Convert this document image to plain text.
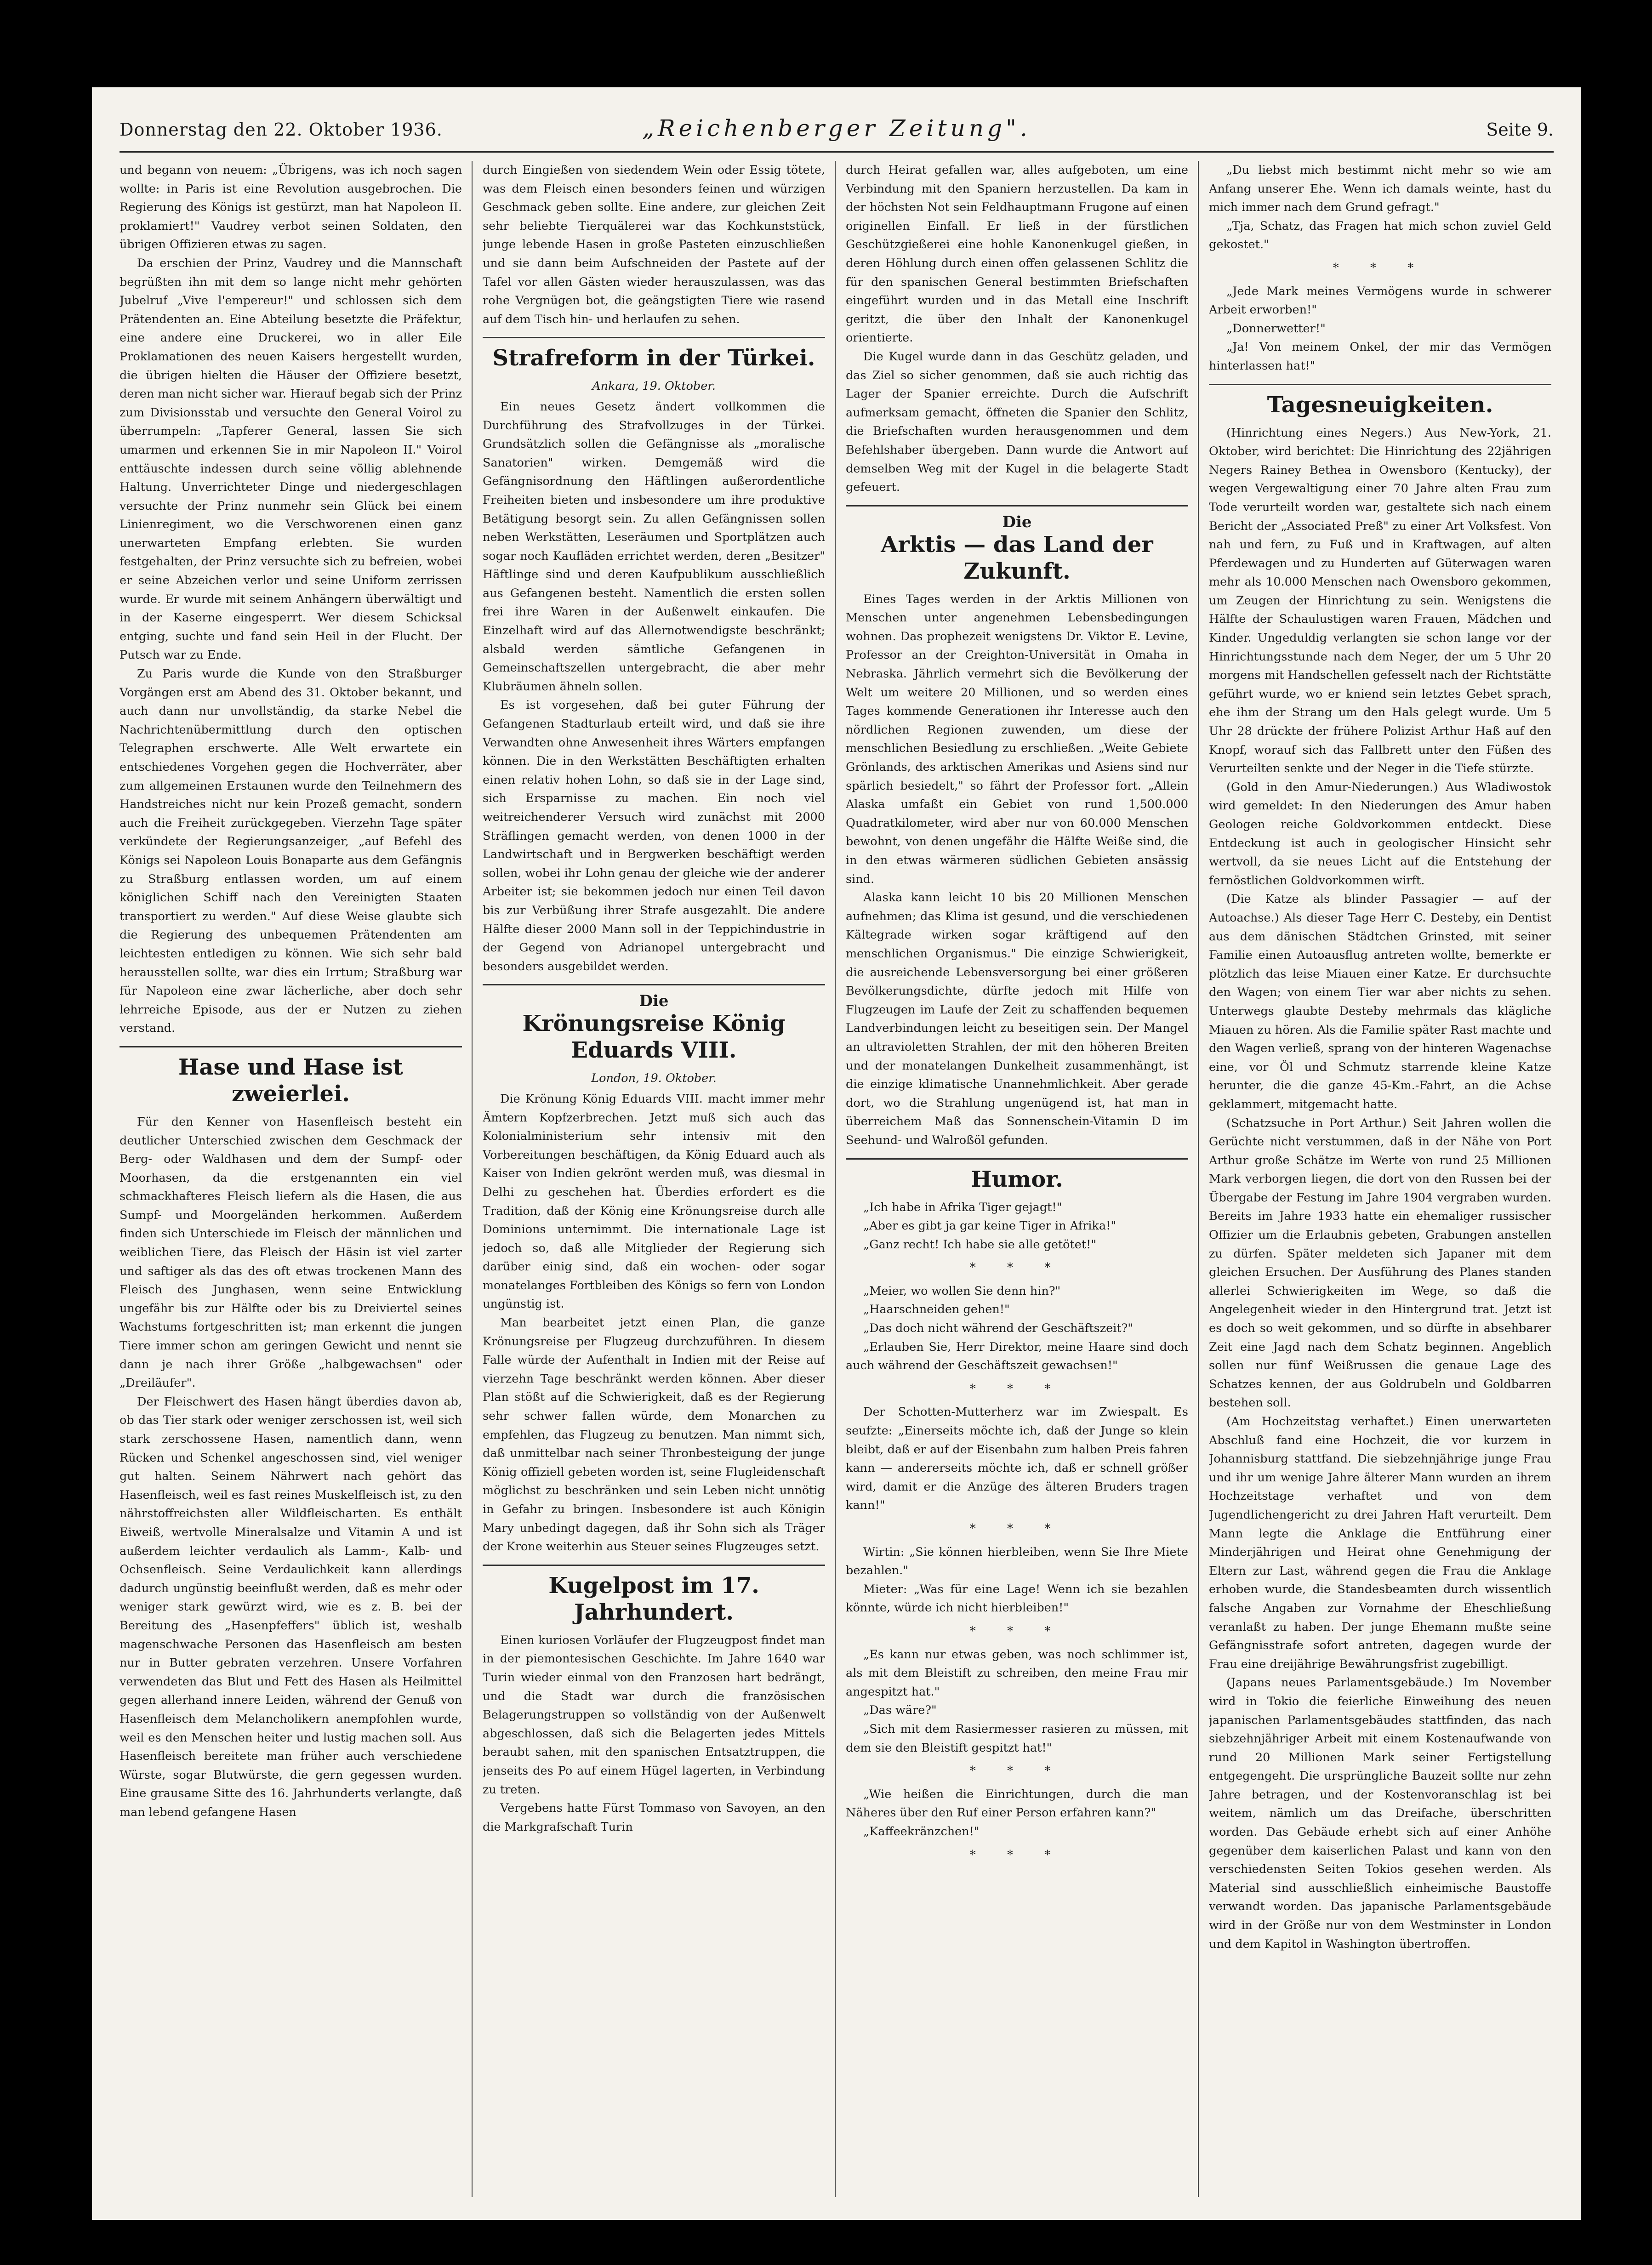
Donnerstag den 22. Oktober 1936.	„Reichenberger Zeitung".	Seite 9.

und begann von neuem: „Übrigens, was ich noch sagen wollte: in Paris ist eine Revolution ausgebrochen. Die Regierung des Königs ist gestürzt, man hat Napoleon II. proklamiert!" Vaudrey verbot seinen Soldaten, den übrigen Offizieren etwas zu sagen.

Da erschien der Prinz, Vaudrey und die Mannschaft begrüßten ihn mit dem so lange nicht mehr gehörten Jubelruf „Vive l'empereur!" und schlossen sich dem Prätendenten an. Eine Abteilung besetzte die Präfektur, eine andere eine Druckerei, wo in aller Eile Proklamationen des neuen Kaisers hergestellt wurden, die übrigen hielten die Häuser der Offiziere besetzt, deren man nicht sicher war. Hierauf begab sich der Prinz zum Divisionsstab und versuchte den General Voirol zu überrumpeln: „Tapferer General, lassen Sie sich umarmen und erkennen Sie in mir Napoleon II." Voirol enttäuschte indessen durch seine völlig ablehnende Haltung. Unverrichteter Dinge und niedergeschlagen versuchte der Prinz nunmehr sein Glück bei einem Linienregiment, wo die Verschworenen einen ganz unerwarteten Empfang erlebten. Sie wurden festgehalten, der Prinz versuchte sich zu befreien, wobei er seine Abzeichen verlor und seine Uniform zerrissen wurde. Er wurde mit seinem Anhängern überwältigt und in der Kaserne eingesperrt. Wer diesem Schicksal entging, suchte und fand sein Heil in der Flucht. Der Putsch war zu Ende.

Zu Paris wurde die Kunde von den Straßburger Vorgängen erst am Abend des 31. Oktober bekannt, und auch dann nur unvollständig, da starke Nebel die Nachrichtenübermittlung durch den optischen Telegraphen erschwerte. Alle Welt erwartete ein entschiedenes Vorgehen gegen die Hochverräter, aber zum allgemeinen Erstaunen wurde den Teilnehmern des Handstreiches nicht nur kein Prozeß gemacht, sondern auch die Freiheit zurückgegeben. Vierzehn Tage später verkündete der Regierungsanzeiger, „auf Befehl des Königs sei Napoleon Louis Bonaparte aus dem Gefängnis zu Straßburg entlassen worden, um auf einem königlichen Schiff nach den Vereinigten Staaten transportiert zu werden." Auf diese Weise glaubte sich die Regierung des unbequemen Prätendenten am leichtesten entledigen zu können. Wie sich sehr bald herausstellen sollte, war dies ein Irrtum; Straßburg war für Napoleon eine zwar lächerliche, aber doch sehr lehrreiche Episode, aus der er Nutzen zu ziehen verstand.

Hase und Hase ist zweierlei.

Für den Kenner von Hasenfleisch besteht ein deutlicher Unterschied zwischen dem Geschmack der Berg- oder Waldhasen und dem der Sumpf- oder Moorhasen, da die erstgenannten ein viel schmackhafteres Fleisch liefern als die Hasen, die aus Sumpf- und Moorgeländen herkommen. Außerdem finden sich Unterschiede im Fleisch der männlichen und weiblichen Tiere, das Fleisch der Häsin ist viel zarter und saftiger als das des oft etwas trockenen Mann des Fleisch des Junghasen, wenn seine Entwicklung ungefähr bis zur Hälfte oder bis zu Dreiviertel seines Wachstums fortgeschritten ist; man erkennt die jungen Tiere immer schon am geringen Gewicht und nennt sie dann je nach ihrer Größe „halbgewachsen" oder „Dreiläufer".

Der Fleischwert des Hasen hängt überdies davon ab, ob das Tier stark oder weniger zerschossen ist, weil sich stark zerschossene Hasen, namentlich dann, wenn Rücken und Schenkel angeschossen sind, viel weniger gut halten. Seinem Nährwert nach gehört das Hasenfleisch, weil es fast reines Muskelfleisch ist, zu den nährstoffreichsten aller Wildfleischarten. Es enthält Eiweiß, wertvolle Mineralsalze und Vitamin A und ist außerdem leichter verdaulich als Lamm-, Kalb- und Ochsenfleisch. Seine Verdaulichkeit kann allerdings dadurch ungünstig beeinflußt werden, daß es mehr oder weniger stark gewürzt wird, wie es z. B. bei der Bereitung des „Hasenpfeffers" üblich ist, weshalb magenschwache Personen das Hasenfleisch am besten nur in Butter gebraten verzehren. Unsere Vorfahren verwendeten das Blut und Fett des Hasen als Heilmittel gegen allerhand innere Leiden, während der Genuß von Hasenfleisch dem Melancholikern anempfohlen wurde, weil es den Menschen heiter und lustig machen soll. Aus Hasenfleisch bereitete man früher auch verschiedene Würste, sogar Blutwürste, die gern gegessen wurden. Eine grausame Sitte des 16. Jahrhunderts verlangte, daß man lebend gefangene Hasen

durch Eingießen von siedendem Wein oder Essig tötete, was dem Fleisch einen besonders feinen und würzigen Geschmack geben sollte. Eine andere, zur gleichen Zeit sehr beliebte Tierquälerei war das Kochkunststück, junge lebende Hasen in große Pasteten einzuschließen und sie dann beim Aufschneiden der Pastete auf der Tafel vor allen Gästen wieder herauszulassen, was das rohe Vergnügen bot, die geängstigten Tiere wie rasend auf dem Tisch hin- und herlaufen zu sehen.

Strafreform in der Türkei.

Ankara, 19. Oktober.

Ein neues Gesetz ändert vollkommen die Durchführung des Strafvollzuges in der Türkei. Grundsätzlich sollen die Gefängnisse als „moralische Sanatorien" wirken. Demgemäß wird die Gefängnisordnung den Häftlingen außerordentliche Freiheiten bieten und insbesondere um ihre produktive Betätigung besorgt sein. Zu allen Gefängnissen sollen neben Werkstätten, Leseräumen und Sportplätzen auch sogar noch Kaufläden errichtet werden, deren „Besitzer" Häftlinge sind und deren Kaufpublikum ausschließlich aus Gefangenen besteht. Namentlich die ersten sollen frei ihre Waren in der Außenwelt einkaufen. Die Einzelhaft wird auf das Allernotwendigste beschränkt; alsbald werden sämtliche Gefangenen in Gemeinschaftszellen untergebracht, die aber mehr Klubräumen ähneln sollen.

Es ist vorgesehen, daß bei guter Führung der Gefangenen Stadturlaub erteilt wird, und daß sie ihre Verwandten ohne Anwesenheit ihres Wärters empfangen können. Die in den Werkstätten Beschäftigten erhalten einen relativ hohen Lohn, so daß sie in der Lage sind, sich Ersparnisse zu machen. Ein noch viel weitreichenderer Versuch wird zunächst mit 2000 Sträflingen gemacht werden, von denen 1000 in der Landwirtschaft und in Bergwerken beschäftigt werden sollen, wobei ihr Lohn genau der gleiche wie der anderer Arbeiter ist; sie bekommen jedoch nur einen Teil davon bis zur Verbüßung ihrer Strafe ausgezahlt. Die andere Hälfte dieser 2000 Mann soll in der Teppichindustrie in der Gegend von Adrianopel untergebracht und besonders ausgebildet werden.

Die
Krönungsreise König Eduards VIII.

London, 19. Oktober.

Die Krönung König Eduards VIII. macht immer mehr Ämtern Kopfzerbrechen. Jetzt muß sich auch das Kolonialministerium sehr intensiv mit den Vorbereitungen beschäftigen, da König Eduard auch als Kaiser von Indien gekrönt werden muß, was diesmal in Delhi zu geschehen hat. Überdies erfordert es die Tradition, daß der König eine Krönungsreise durch alle Dominions unternimmt. Die internationale Lage ist jedoch so, daß alle Mitglieder der Regierung sich darüber einig sind, daß ein wochen- oder sogar monatelanges Fortbleiben des Königs so fern von London ungünstig ist.

Man bearbeitet jetzt einen Plan, die ganze Krönungsreise per Flugzeug durchzuführen. In diesem Falle würde der Aufenthalt in Indien mit der Reise auf vierzehn Tage beschränkt werden können. Aber dieser Plan stößt auf die Schwierigkeit, daß es der Regierung sehr schwer fallen würde, dem Monarchen zu empfehlen, das Flugzeug zu benutzen. Man nimmt sich, daß unmittelbar nach seiner Thronbesteigung der junge König offiziell gebeten worden ist, seine Flugleidenschaft möglichst zu beschränken und sein Leben nicht unnötig in Gefahr zu bringen. Insbesondere ist auch Königin Mary unbedingt dagegen, daß ihr Sohn sich als Träger der Krone weiterhin aus Steuer seines Flugzeuges setzt.

Kugelpost im 17. Jahrhundert.

Einen kuriosen Vorläufer der Flugzeugpost findet man in der piemontesischen Geschichte. Im Jahre 1640 war Turin wieder einmal von den Franzosen hart bedrängt, und die Stadt war durch die französischen Belagerungstruppen so vollständig von der Außenwelt abgeschlossen, daß sich die Belagerten jedes Mittels beraubt sahen, mit den spanischen Entsatztruppen, die jenseits des Po auf einem Hügel lagerten, in Verbindung zu treten.

Vergebens hatte Fürst Tommaso von Savoyen, an den die Markgrafschaft Turin

durch Heirat gefallen war, alles aufgeboten, um eine Verbindung mit den Spaniern herzustellen. Da kam in der höchsten Not sein Feldhauptmann Frugone auf einen originellen Einfall. Er ließ in der fürstlichen Geschützgießerei eine hohle Kanonenkugel gießen, in deren Höhlung durch einen offen gelassenen Schlitz die für den spanischen General bestimmten Briefschaften eingeführt wurden und in das Metall eine Inschrift geritzt, die über den Inhalt der Kanonenkugel orientierte.

Die Kugel wurde dann in das Geschütz geladen, und das Ziel so sicher genommen, daß sie auch richtig das Lager der Spanier erreichte. Durch die Aufschrift aufmerksam gemacht, öffneten die Spanier den Schlitz, die Briefschaften wurden herausgenommen und dem Befehlshaber übergeben. Dann wurde die Antwort auf demselben Weg mit der Kugel in die belagerte Stadt gefeuert.

Die
Arktis — das Land der Zukunft.

Eines Tages werden in der Arktis Millionen von Menschen unter angenehmen Lebensbedingungen wohnen. Das prophezeit wenigstens Dr. Viktor E. Levine, Professor an der Creighton-Universität in Omaha in Nebraska. Jährlich vermehrt sich die Bevölkerung der Welt um weitere 20 Millionen, und so werden eines Tages kommende Generationen ihr Interesse auch den nördlichen Regionen zuwenden, um diese der menschlichen Besiedlung zu erschließen. „Weite Gebiete Grönlands, des arktischen Amerikas und Asiens sind nur spärlich besiedelt," so fährt der Professor fort. „Allein Alaska umfaßt ein Gebiet von rund 1,500.000 Quadratkilometer, wird aber nur von 60.000 Menschen bewohnt, von denen ungefähr die Hälfte Weiße sind, die in den etwas wärmeren südlichen Gebieten ansässig sind.

Alaska kann leicht 10 bis 20 Millionen Menschen aufnehmen; das Klima ist gesund, und die verschiedenen Kältegrade wirken sogar kräftigend auf den menschlichen Organismus." Die einzige Schwierigkeit, die ausreichende Lebensversorgung bei einer größeren Bevölkerungsdichte, dürfte jedoch mit Hilfe von Flugzeugen im Laufe der Zeit zu schaffenden bequemen Landverbindungen leicht zu beseitigen sein. Der Mangel an ultravioletten Strahlen, der mit den höheren Breiten und der monatelangen Dunkelheit zusammenhängt, ist die einzige klimatische Unannehmlichkeit. Aber gerade dort, wo die Strahlung ungenügend ist, hat man in überreichem Maß das Sonnenschein-Vitamin D im Seehund- und Walroßöl gefunden.

Humor.

„Ich habe in Afrika Tiger gejagt!"

„Aber es gibt ja gar keine Tiger in Afrika!"

„Ganz recht! Ich habe sie alle getötet!"

* * *

„Meier, wo wollen Sie denn hin?"

„Haarschneiden gehen!"

„Das doch nicht während der Geschäftszeit?"

„Erlauben Sie, Herr Direktor, meine Haare sind doch auch während der Geschäftszeit gewachsen!"

* * *

Der Schotten-Mutterherz war im Zwiespalt. Es seufzte: „Einerseits möchte ich, daß der Junge so klein bleibt, daß er auf der Eisenbahn zum halben Preis fahren kann — andererseits möchte ich, daß er schnell größer wird, damit er die Anzüge des älteren Bruders tragen kann!"

* * *

Wirtin: „Sie können hierbleiben, wenn Sie Ihre Miete bezahlen."

Mieter: „Was für eine Lage! Wenn ich sie bezahlen könnte, würde ich nicht hierbleiben!"

* * *

„Es kann nur etwas geben, was noch schlimmer ist, als mit dem Bleistift zu schreiben, den meine Frau mir angespitzt hat."

„Das wäre?"

„Sich mit dem Rasiermesser rasieren zu müssen, mit dem sie den Bleistift gespitzt hat!"

* * *

„Wie heißen die Einrichtungen, durch die man Näheres über den Ruf einer Person erfahren kann?"

„Kaffeekränzchen!"

* * *

„Du liebst mich bestimmt nicht mehr so wie am Anfang unserer Ehe. Wenn ich damals weinte, hast du mich immer nach dem Grund gefragt."

„Tja, Schatz, das Fragen hat mich schon zuviel Geld gekostet."

* * *

„Jede Mark meines Vermögens wurde in schwerer Arbeit erworben!"

„Donnerwetter!"

„Ja! Von meinem Onkel, der mir das Vermögen hinterlassen hat!"

Tagesneuigkeiten.

(Hinrichtung eines Negers.) Aus New-York, 21. Oktober, wird berichtet: Die Hinrichtung des 22jährigen Negers Rainey Bethea in Owensboro (Kentucky), der wegen Vergewaltigung einer 70 Jahre alten Frau zum Tode verurteilt worden war, gestaltete sich nach einem Bericht der „Associated Preß" zu einer Art Volksfest. Von nah und fern, zu Fuß und in Kraftwagen, auf alten Pferdewagen und zu Hunderten auf Güterwagen waren mehr als 10.000 Menschen nach Owensboro gekommen, um Zeugen der Hinrichtung zu sein. Wenigstens die Hälfte der Schaulustigen waren Frauen, Mädchen und Kinder. Ungeduldig verlangten sie schon lange vor der Hinrichtungsstunde nach dem Neger, der um 5 Uhr 20 morgens mit Handschellen gefesselt nach der Richtstätte geführt wurde, wo er kniend sein letztes Gebet sprach, ehe ihm der Strang um den Hals gelegt wurde. Um 5 Uhr 28 drückte der frühere Polizist Arthur Haß auf den Knopf, worauf sich das Fallbrett unter den Füßen des Verurteilten senkte und der Neger in die Tiefe stürzte.

(Gold in den Amur-Niederungen.) Aus Wladiwostok wird gemeldet: In den Niederungen des Amur haben Geologen reiche Goldvorkommen entdeckt. Diese Entdeckung ist auch in geologischer Hinsicht sehr wertvoll, da sie neues Licht auf die Entstehung der fernöstlichen Goldvorkommen wirft.

(Die Katze als blinder Passagier — auf der Autoachse.) Als dieser Tage Herr C. Desteby, ein Dentist aus dem dänischen Städtchen Grinsted, mit seiner Familie einen Autoausflug antreten wollte, bemerkte er plötzlich das leise Miauen einer Katze. Er durchsuchte den Wagen; von einem Tier war aber nichts zu sehen. Unterwegs glaubte Desteby mehrmals das klägliche Miauen zu hören. Als die Familie später Rast machte und den Wagen verließ, sprang von der hinteren Wagenachse eine, vor Öl und Schmutz starrende kleine Katze herunter, die die ganze 45-Km.-Fahrt, an die Achse geklammert, mitgemacht hatte.

(Schatzsuche in Port Arthur.) Seit Jahren wollen die Gerüchte nicht verstummen, daß in der Nähe von Port Arthur große Schätze im Werte von rund 25 Millionen Mark verborgen liegen, die dort von den Russen bei der Übergabe der Festung im Jahre 1904 vergraben wurden. Bereits im Jahre 1933 hatte ein ehemaliger russischer Offizier um die Erlaubnis gebeten, Grabungen anstellen zu dürfen. Später meldeten sich Japaner mit dem gleichen Ersuchen. Der Ausführung des Planes standen allerlei Schwierigkeiten im Wege, so daß die Angelegenheit wieder in den Hintergrund trat. Jetzt ist es doch so weit gekommen, und so dürfte in absehbarer Zeit eine Jagd nach dem Schatz beginnen. Angeblich sollen nur fünf Weißrussen die genaue Lage des Schatzes kennen, der aus Goldrubeln und Goldbarren bestehen soll.

(Am Hochzeitstag verhaftet.) Einen unerwarteten Abschluß fand eine Hochzeit, die vor kurzem in Johannisburg stattfand. Die siebzehnjährige junge Frau und ihr um wenige Jahre älterer Mann wurden an ihrem Hochzeitstage verhaftet und von dem Jugendlichengericht zu drei Jahren Haft verurteilt. Dem Mann legte die Anklage die Entführung einer Minderjährigen und Heirat ohne Genehmigung der Eltern zur Last, während gegen die Frau die Anklage erhoben wurde, die Standesbeamten durch wissentlich falsche Angaben zur Vornahme der Eheschließung veranlaßt zu haben. Der junge Ehemann mußte seine Gefängnisstrafe sofort antreten, dagegen wurde der Frau eine dreijährige Bewährungsfrist zugebilligt.

(Japans neues Parlamentsgebäude.) Im November wird in Tokio die feierliche Einweihung des neuen japanischen Parlamentsgebäudes stattfinden, das nach siebzehnjähriger Arbeit mit einem Kostenaufwande von rund 20 Millionen Mark seiner Fertigstellung entgegengeht. Die ursprüngliche Bauzeit sollte nur zehn Jahre betragen, und der Kostenvoranschlag ist bei weitem, nämlich um das Dreifache, überschritten worden. Das Gebäude erhebt sich auf einer Anhöhe gegenüber dem kaiserlichen Palast und kann von den verschiedensten Seiten Tokios gesehen werden. Als Material sind ausschließlich einheimische Baustoffe verwandt worden. Das japanische Parlamentsgebäude wird in der Größe nur von dem Westminster in London und dem Kapitol in Washington übertroffen.
